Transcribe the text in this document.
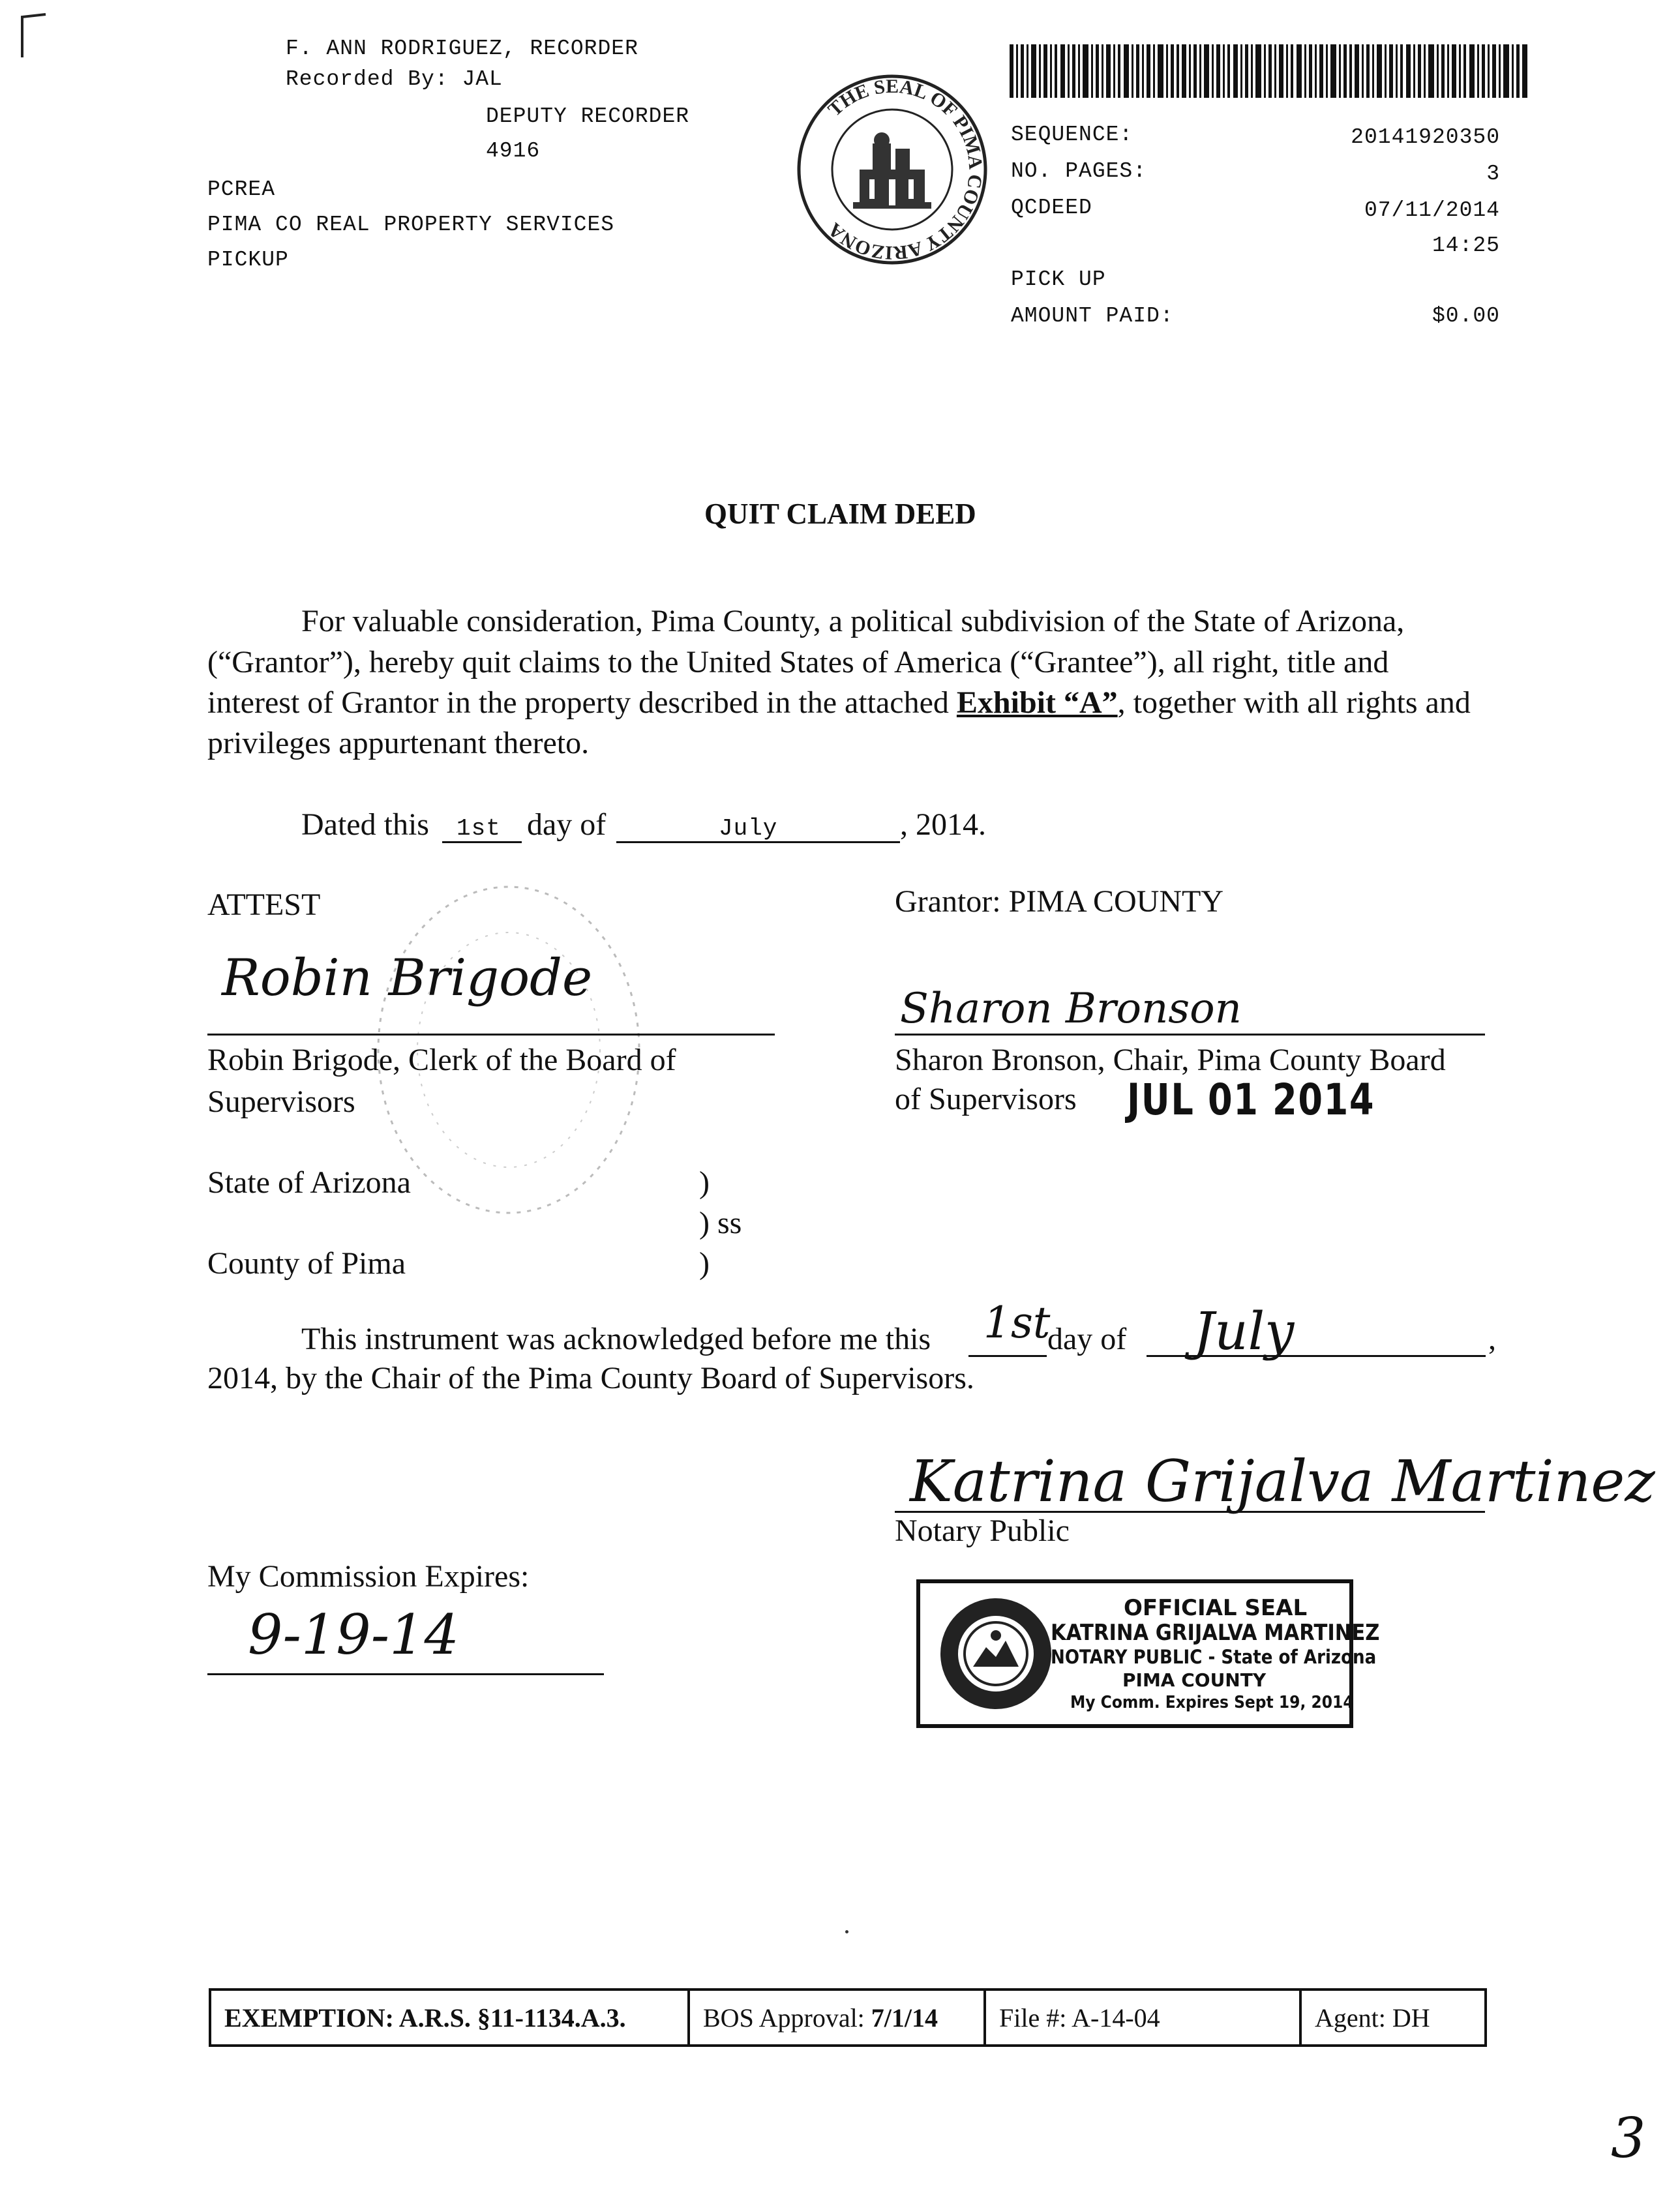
F. ANN RODRIGUEZ, RECORDER
Recorded By: JAL
DEPUTY RECORDER
4916
PCREA
PIMA CO REAL PROPERTY SERVICES
PICKUP
THE SEAL OF PIMA COUNTY ARIZONA
SEQUENCE:	20141920350
NO. PAGES:	3
QCDEED	07/11/2014
14:25
PICK UP
AMOUNT PAID:	$0.00
QUIT CLAIM DEED
For valuable consideration, Pima County, a political subdivision of the State of Arizona,
(“Grantor”), hereby quit claims to the United States of America (“Grantee”), all right, title and
interest of Grantor in the property described in the attached Exhibit “A”, together with all rights and
privileges appurtenant thereto.
Dated this 1st day of	July	, 2014.
ATTEST	Grantor: PIMA COUNTY
Robin Brigode
Robin Brigode, Clerk of the Board of
Supervisors
Sharon Bronson
Sharon Bronson, Chair, Pima County Board
of Supervisors JUL 01 2014
State of Arizona	)
) ss
County of Pima	)
This instrument was acknowledged before me this 1st
day of July	,
2014, by the Chair of the Pima County Board of Supervisors.
Katrina Grijalva Martinez
Notary Public
My Commission Expires:
9-19-14	OFFICIAL SEAL
KATRINA GRIJALVA MARTINEZ
NOTARY PUBLIC - State of Arizona
PIMA COUNTY
My Comm. Expires Sept 19, 2014
EXEMPTION: A.R.S. §11-1134.A.3.	BOS Approval: 7/1/14	File #: A-14-04	Agent: DH
3
